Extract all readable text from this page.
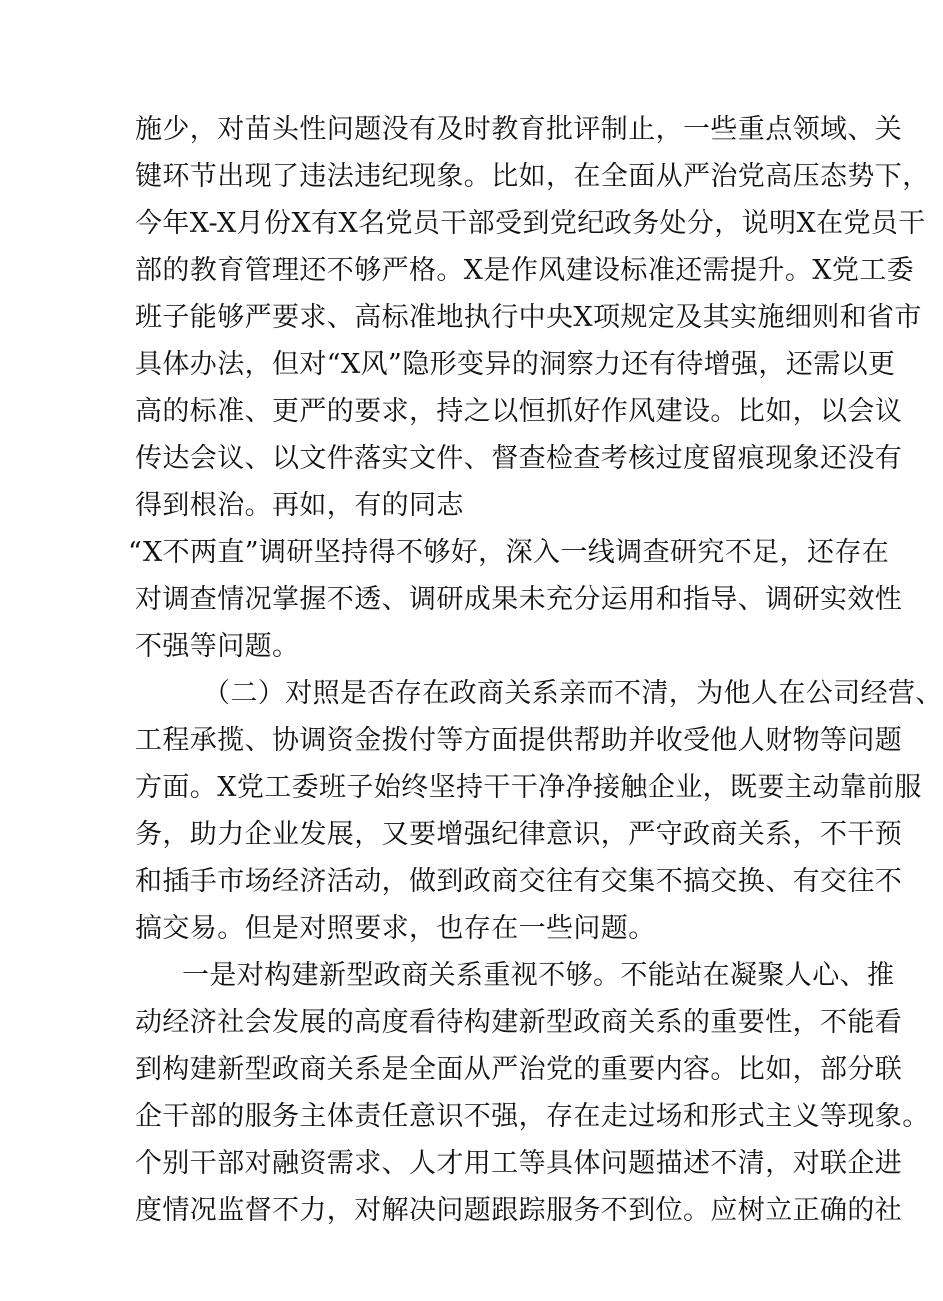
施少，对苗头性问题没有及时教育批评制止，一些重点领域、关
键环节出现了违法违纪现象。比如，在全面从严治党高压态势下，
今年X-X月份X有X名党员干部受到党纪政务处分，说明X在党员干
部的教育管理还不够严格。X是作风建设标准还需提升。X党工委
班子能够严要求、高标准地执行中央X项规定及其实施细则和省市
具体办法，但对“X风”隐形变异的洞察力还有待增强，还需以更
高的标准、更严的要求，持之以恒抓好作风建设。比如，以会议
传达会议、以文件落实文件、督查检查考核过度留痕现象还没有
得到根治。再如，有的同志
“X不两直”调研坚持得不够好，深入一线调查研究不足，还存在
对调查情况掌握不透、调研成果未充分运用和指导、调研实效性
不强等问题。
（二）对照是否存在政商关系亲而不清，为他人在公司经营、
工程承揽、协调资金拨付等方面提供帮助并收受他人财物等问题
方面。X党工委班子始终坚持干干净净接触企业，既要主动靠前服
务，助力企业发展，又要增强纪律意识，严守政商关系，不干预
和插手市场经济活动，做到政商交往有交集不搞交换、有交往不
搞交易。但是对照要求，也存在一些问题。
一是对构建新型政商关系重视不够。不能站在凝聚人心、推
动经济社会发展的高度看待构建新型政商关系的重要性，不能看
到构建新型政商关系是全面从严治党的重要内容。比如，部分联
企干部的服务主体责任意识不强，存在走过场和形式主义等现象。
个别干部对融资需求、人才用工等具体问题描述不清，对联企进
度情况监督不力，对解决问题跟踪服务不到位。应树立正确的社
